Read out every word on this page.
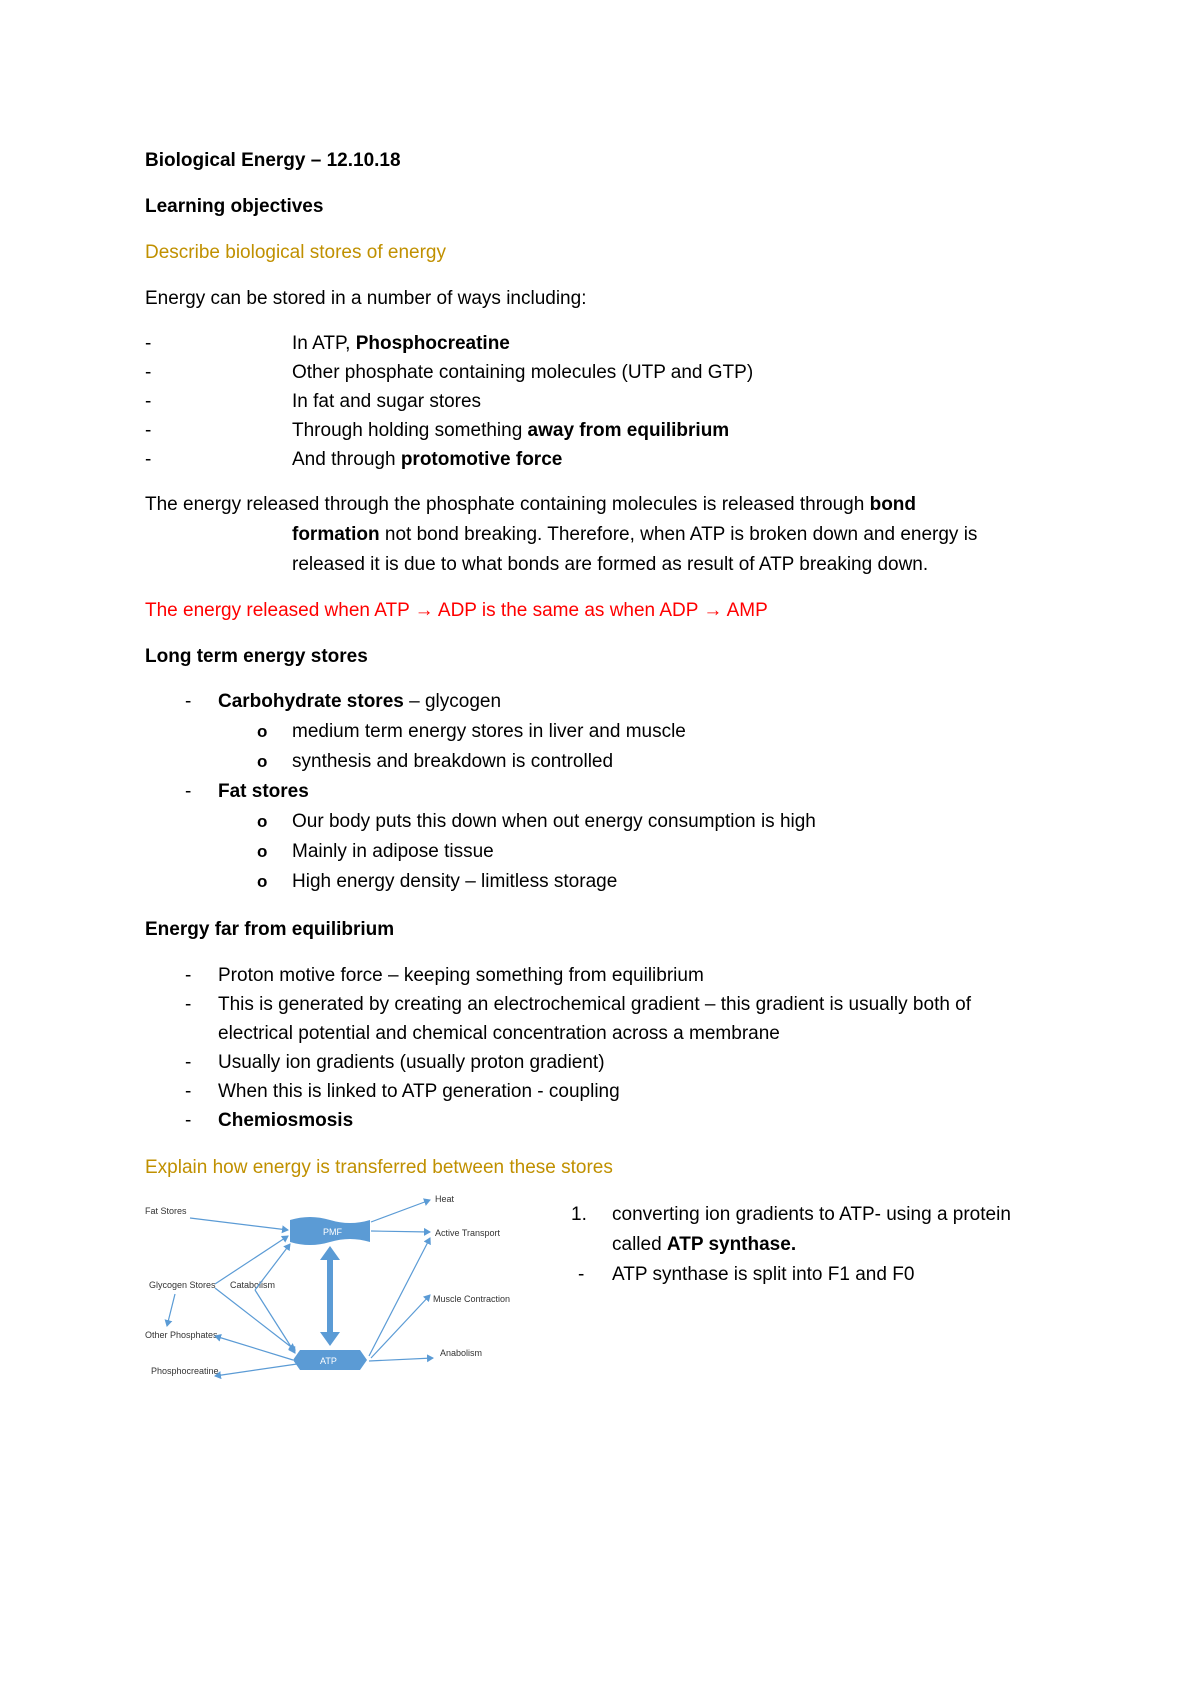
Biological Energy – 12.10.18
Learning objectives
Describe biological stores of energy
Energy can be stored in a number of ways including:
-	In ATP, Phosphocreatine
-	Other phosphate containing molecules (UTP and GTP)
-	In fat and sugar stores
-	Through holding something away from equilibrium
-	And through protomotive force
The energy released through the phosphate containing molecules is released through bond
formation not bond breaking. Therefore, when ATP is broken down and energy is
released it is due to what bonds are formed as result of ATP breaking down.
The energy released when ATP → ADP is the same as when ADP → AMP
Long term energy stores
- Carbohydrate stores – glycogen
o medium term energy stores in liver and muscle
o synthesis and breakdown is controlled
- Fat stores
o Our body puts this down when out energy consumption is high
o Mainly in adipose tissue
o High energy density – limitless storage
Energy far from equilibrium
- Proton motive force – keeping something from equilibrium
- This is generated by creating an electrochemical gradient – this gradient is usually both of
electrical potential and chemical concentration across a membrane
- Usually ion gradients (usually proton gradient)
- When this is linked to ATP generation - coupling
- Chemiosmosis
Explain how energy is transferred between these stores
1. converting ion gradients to ATP- using a protein
called ATP synthase.
- ATP synthase is split into F1 and F0
PMF
ATP
Fat Stores
Glycogen Stores Catabolism
Other Phosphates
Phosphocreatine
Heat
Active Transport
Muscle Contraction
Anabolism
